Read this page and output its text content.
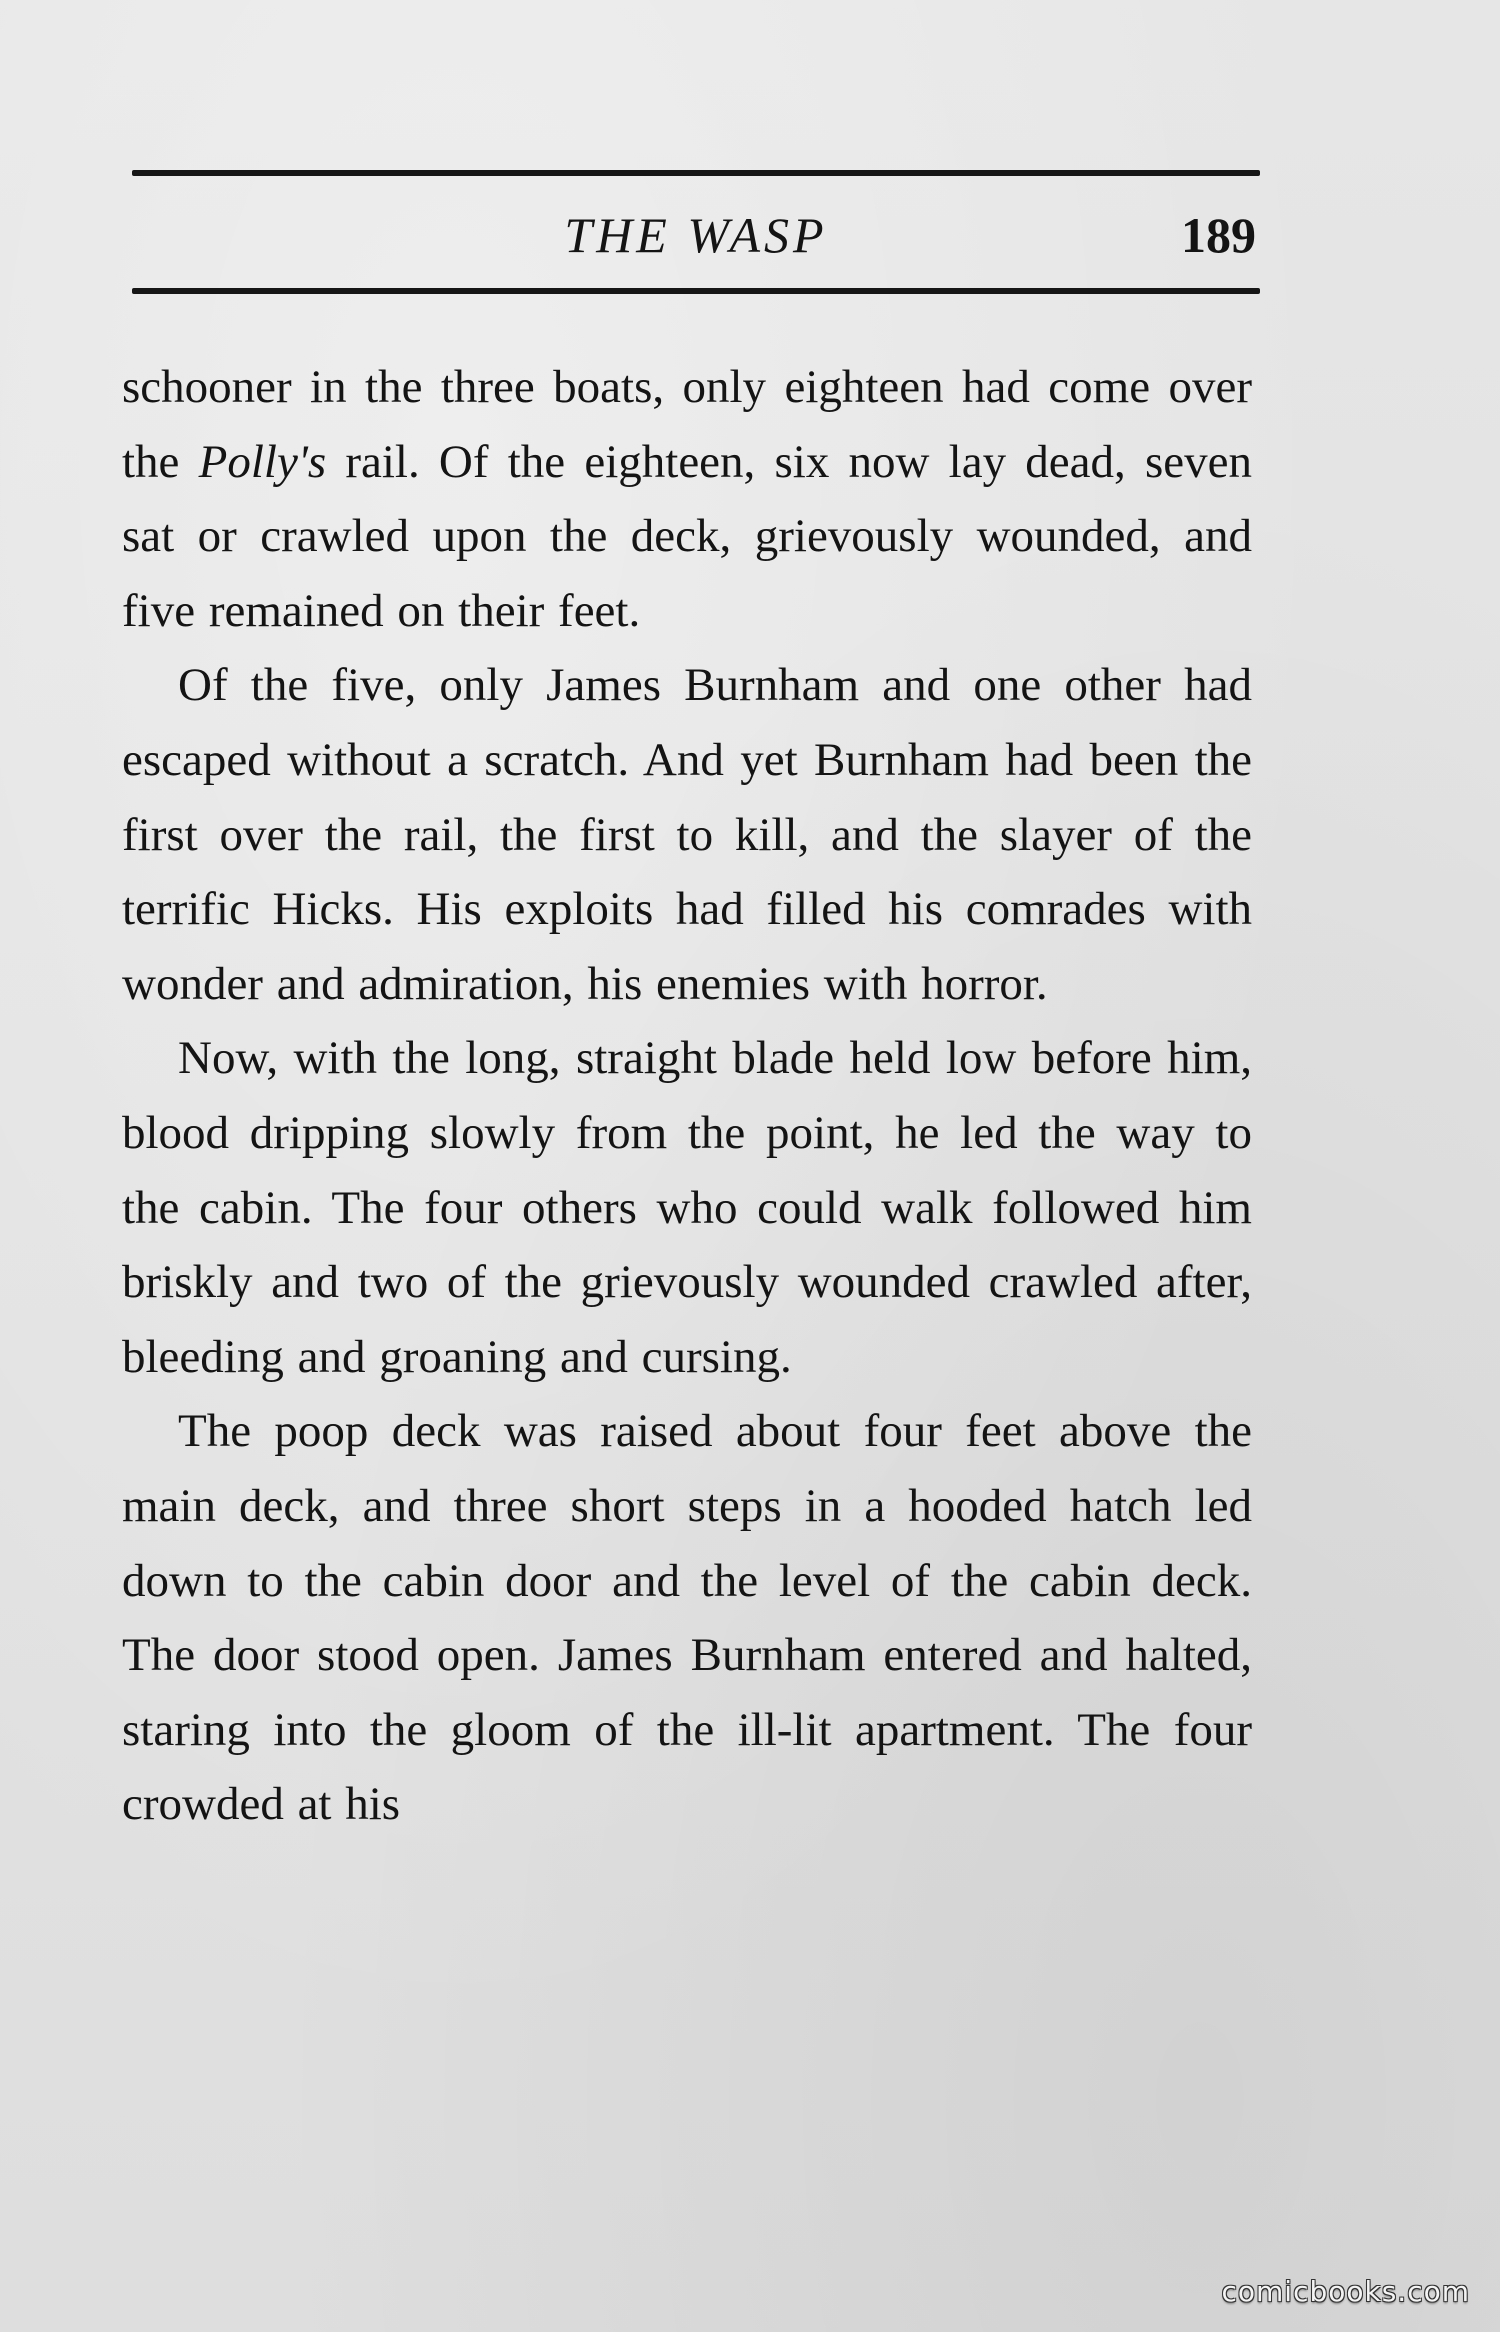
THE WASP	189

schooner in the three boats, only eighteen had come over the Polly's rail. Of the eighteen, six now lay dead, seven sat or crawled upon the deck, grievously wounded, and five remained on their feet.

Of the five, only James Burnham and one other had escaped without a scratch. And yet Burnham had been the first over the rail, the first to kill, and the slayer of the terrific Hicks. His exploits had filled his comrades with wonder and admiration, his enemies with horror.

Now, with the long, straight blade held low before him, blood dripping slowly from the point, he led the way to the cabin. The four others who could walk followed him briskly and two of the grievously wounded crawled after, bleeding and groaning and cursing.

The poop deck was raised about four feet above the main deck, and three short steps in a hooded hatch led down to the cabin door and the level of the cabin deck. The door stood open. James Burnham entered and halted, staring into the gloom of the ill-lit apartment. The four crowded at his

comicbooks.com
